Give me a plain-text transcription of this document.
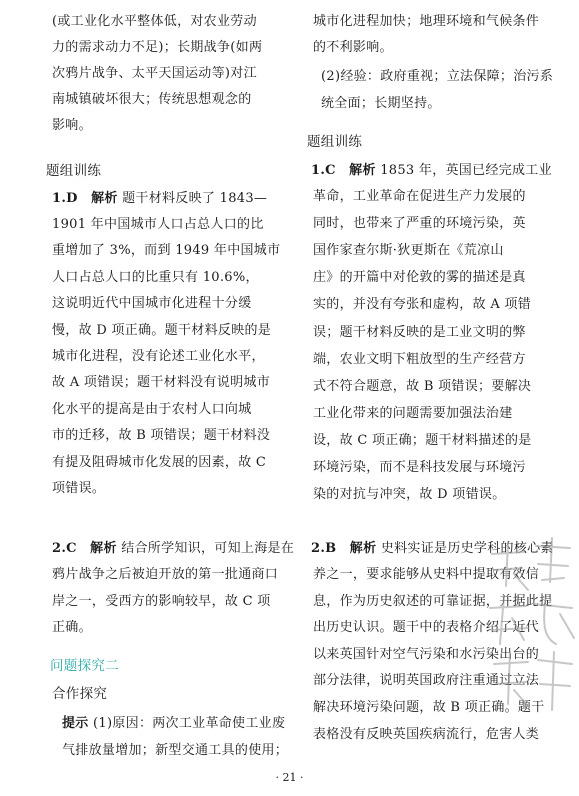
(或工业化水平整体低，对农业劳动
力的需求动力不足)；长期战争(如两
次鸦片战争、太平天国运动等)对江
南城镇破坏很大；传统思想观念的
影响。
题组训练
1.D  解析 题干材料反映了 1843—
1901 年中国城市人口占总人口的比
重增加了 3%，而到 1949 年中国城市
人口占总人口的比重只有 10.6%，
这说明近代中国城市化进程十分缓
慢，故 D 项正确。题干材料反映的是
城市化进程，没有论述工业化水平，
故 A 项错误；题干材料没有说明城市
化水平的提高是由于农村人口向城
市的迁移，故 B 项错误；题干材料没
有提及阻碍城市化发展的因素，故 C
项错误。
2.C  解析 结合所学知识，可知上海是在
鸦片战争之后被迫开放的第一批通商口
岸之一，受西方的影响较早，故 C 项
正确。
问题探究二
合作探究
提示 (1)原因：两次工业革命使工业废
气排放量增加；新型交通工具的使用；
城市化进程加快；地理环境和气候条件
的不利影响。
(2)经验：政府重视；立法保障；治污系
统全面；长期坚持。
题组训练
1.C  解析 1853 年，英国已经完成工业
革命，工业革命在促进生产力发展的
同时，也带来了严重的环境污染，英
国作家查尔斯·狄更斯在《荒凉山
庄》的开篇中对伦敦的雾的描述是真
实的，并没有夸张和虚构，故 A 项错
误；题干材料反映的是工业文明的弊
端，农业文明下粗放型的生产经营方
式不符合题意，故 B 项错误；要解决
工业化带来的问题需要加强法治建
设，故 C 项正确；题干材料描述的是
环境污染，而不是科技发展与环境污
染的对抗与冲突，故 D 项错误。
2.B  解析 史料实证是历史学科的核心素
养之一，要求能够从史料中提取有效信
息，作为历史叙述的可靠证据，并据此提
出历史认识。题干中的表格介绍了近代
以来英国针对空气污染和水污染出台的
部分法律，说明英国政府注重通过立法
解决环境污染问题，故 B 项正确。题干
表格没有反映英国疾病流行，危害人类
· 21 ·
